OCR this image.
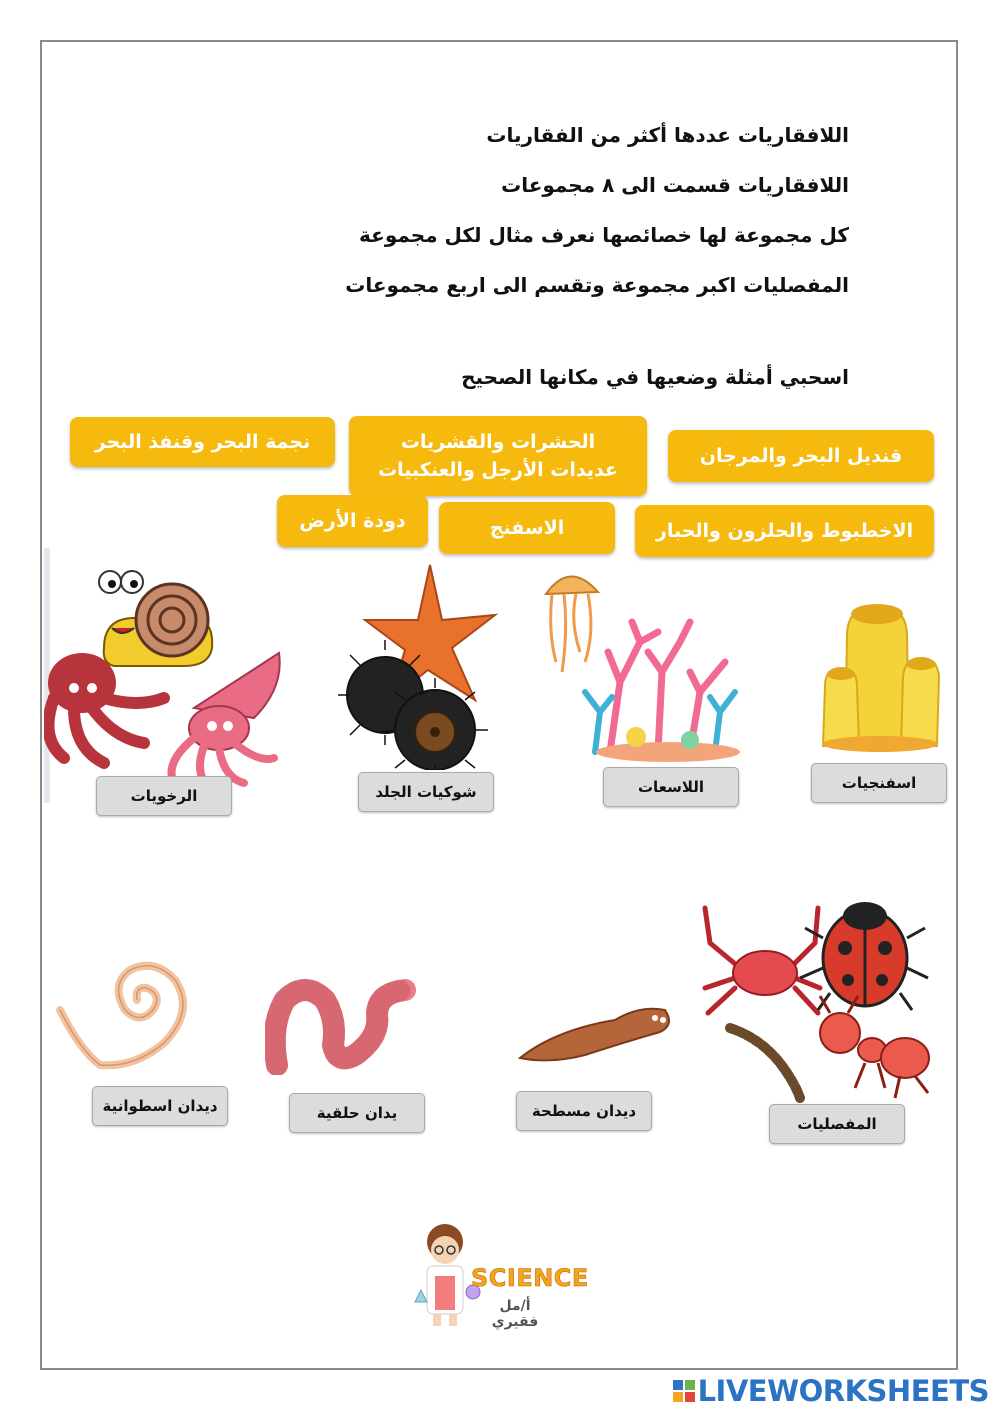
اللافقاريات عددها أكثر من الفقاريات

اللافقاريات قسمت الى ٨ مجموعات

كل مجموعة لها خصائصها نعرف مثال لكل مجموعة

المفصليات اكبر مجموعة وتقسم الى اربع مجموعات

اسحبي أمثلة وضعيها في مكانها الصحيح
نجمة البحر وقنفذ البحر	الحشرات والقشريات عديدات الأرجل والعنكبيات
قنديل البحر والمرجان
دودة الأرض	الاسفنج	الاخطبوط والحلزون والحبار
الرخويات	شوكيات الجلد	اللاسعات	اسفنجيات
ديدان اسطوانية	يدان حلقية	ديدان مسطحة
المفصليات
SCIENCE
أ/مل فقيري
LIVEWORKSHEETS
